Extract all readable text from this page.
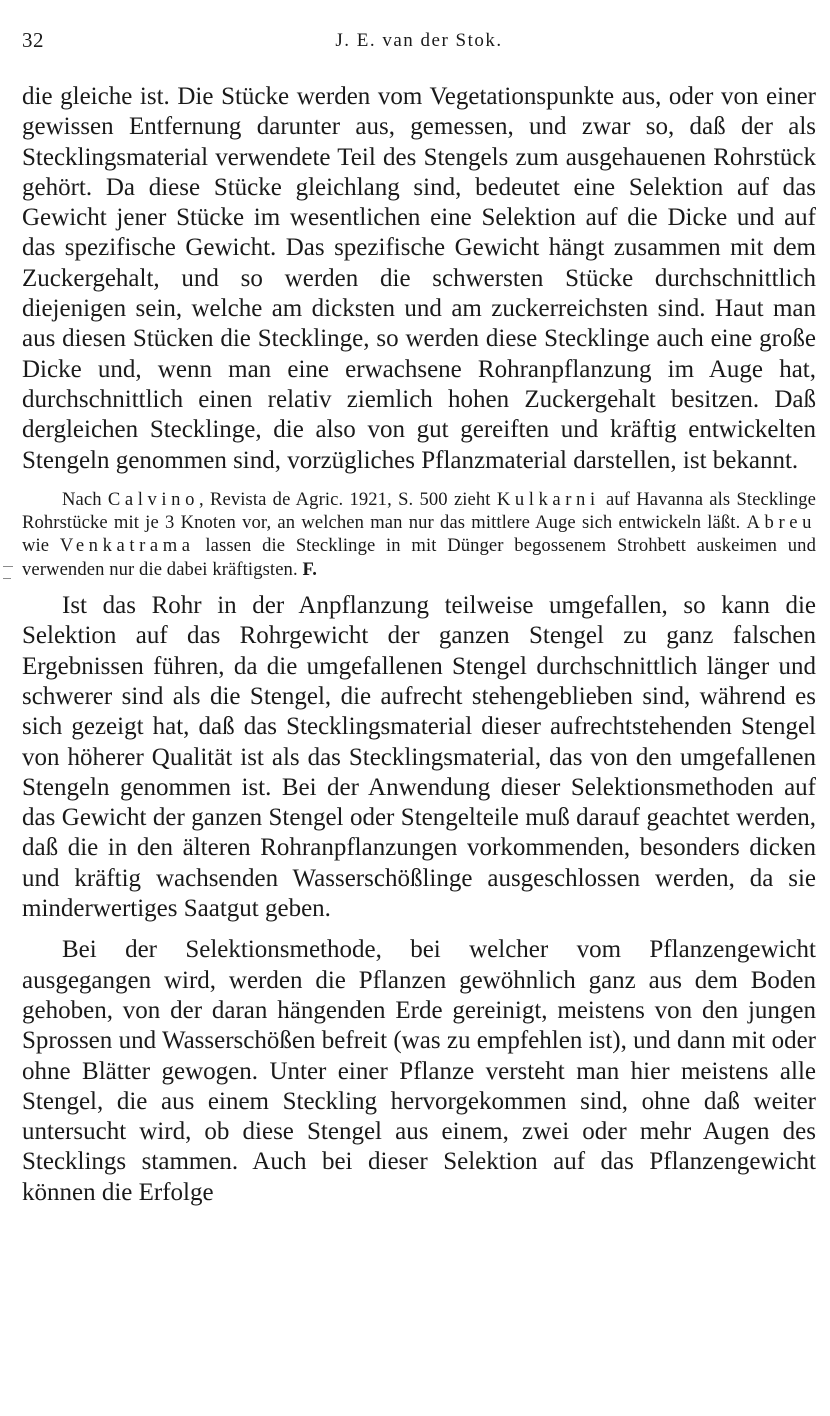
32	J. E. van der Stok.

die gleiche ist. Die Stücke werden vom Vegetationspunkte aus, oder von einer gewissen Entfernung darunter aus, gemessen, und zwar so, daß der als Stecklingsmaterial verwendete Teil des Stengels zum ausgehauenen Rohrstück gehört. Da diese Stücke gleichlang sind, bedeutet eine Selektion auf das Gewicht jener Stücke im wesentlichen eine Selektion auf die Dicke und auf das spezifische Gewicht. Das spezifische Gewicht hängt zusammen mit dem Zuckergehalt, und so werden die schwersten Stücke durchschnittlich diejenigen sein, welche am dicksten und am zuckerreichsten sind. Haut man aus diesen Stücken die Stecklinge, so werden diese Stecklinge auch eine große Dicke und, wenn man eine erwachsene Rohranpflanzung im Auge hat, durchschnittlich einen relativ ziemlich hohen Zuckergehalt besitzen. Daß dergleichen Stecklinge, die also von gut gereiften und kräftig entwickelten Stengeln genommen sind, vorzügliches Pflanzmaterial darstellen, ist bekannt.

Nach Calvino, Revista de Agric. 1921, S. 500 zieht Kulkarni auf Havanna als Stecklinge Rohrstücke mit je 3 Knoten vor, an welchen man nur das mittlere Auge sich entwickeln läßt. Abreu wie Venkatrama lassen die Stecklinge in mit Dünger begossenem Strohbett auskeimen und verwenden nur die dabei kräftigsten. F.

Ist das Rohr in der Anpflanzung teilweise umgefallen, so kann die Selektion auf das Rohrgewicht der ganzen Stengel zu ganz falschen Ergebnissen führen, da die umgefallenen Stengel durchschnittlich länger und schwerer sind als die Stengel, die aufrecht stehengeblieben sind, während es sich gezeigt hat, daß das Stecklingsmaterial dieser aufrechtstehenden Stengel von höherer Qualität ist als das Stecklingsmaterial, das von den umgefallenen Stengeln genommen ist. Bei der Anwendung dieser Selektionsmethoden auf das Gewicht der ganzen Stengel oder Stengelteile muß darauf geachtet werden, daß die in den älteren Rohranpflanzungen vorkommenden, besonders dicken und kräftig wachsenden Wasserschößlinge ausgeschlossen werden, da sie minderwertiges Saatgut geben.

Bei der Selektionsmethode, bei welcher vom Pflanzengewicht ausgegangen wird, werden die Pflanzen gewöhnlich ganz aus dem Boden gehoben, von der daran hängenden Erde gereinigt, meistens von den jungen Sprossen und Wasserschößen befreit (was zu empfehlen ist), und dann mit oder ohne Blätter gewogen. Unter einer Pflanze versteht man hier meistens alle Stengel, die aus einem Steckling hervorgekommen sind, ohne daß weiter untersucht wird, ob diese Stengel aus einem, zwei oder mehr Augen des Stecklings stammen. Auch bei dieser Selektion auf das Pflanzengewicht können die Erfolge
